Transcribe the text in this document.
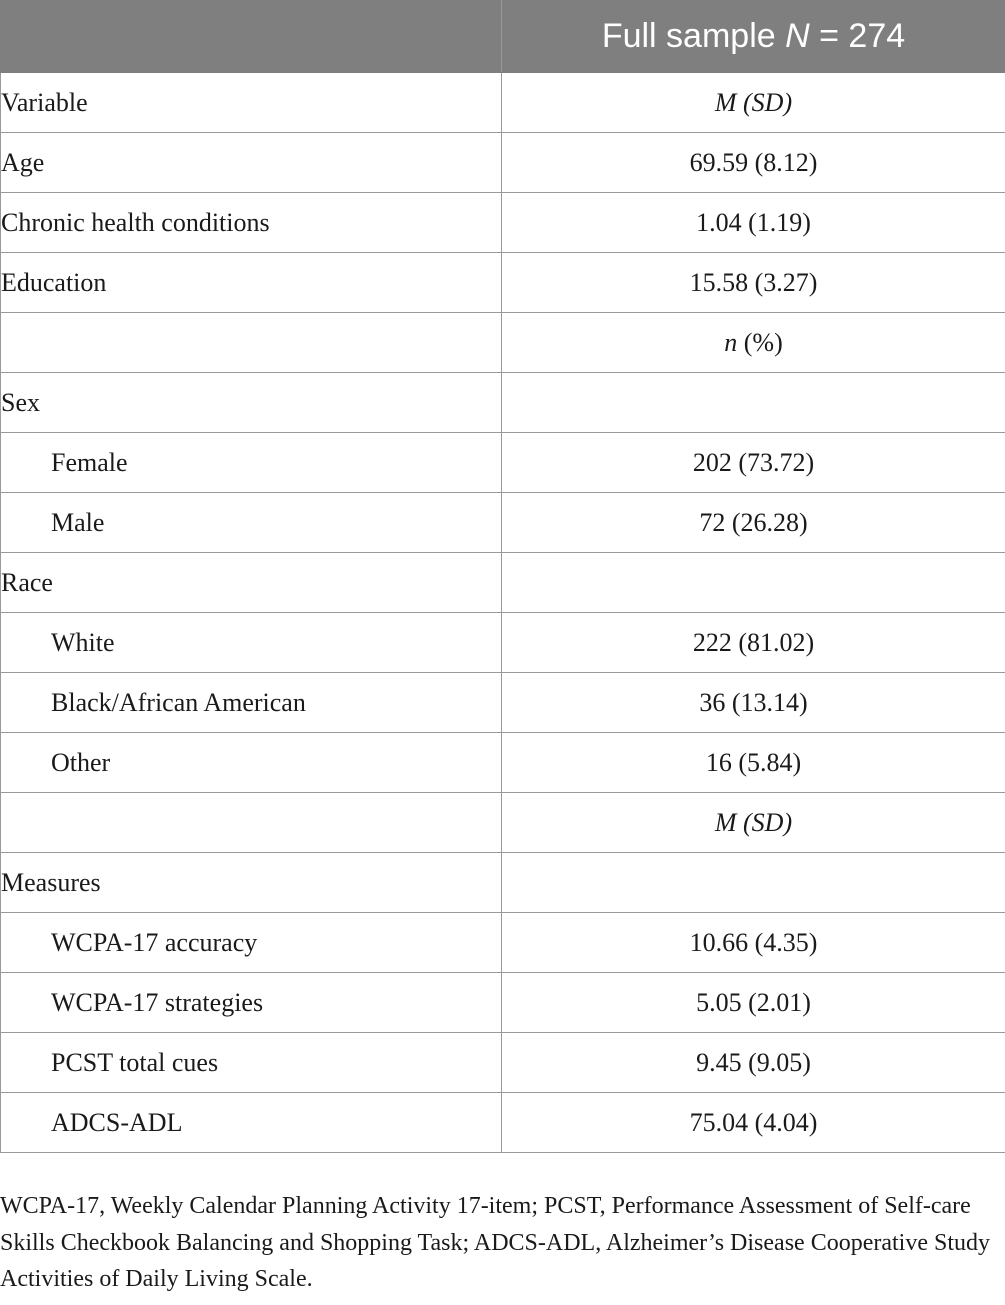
	Full sample N = 274
Variable	M (SD)
Age	69.59 (8.12)
Chronic health conditions	1.04 (1.19)
Education	15.58 (3.27)
	n (%)
Sex	
Female	202 (73.72)
Male	72 (26.28)
Race	
White	222 (81.02)
Black/African American	36 (13.14)
Other	16 (5.84)
	M (SD)
Measures	
WCPA-17 accuracy	10.66 (4.35)
WCPA-17 strategies	5.05 (2.01)
PCST total cues	9.45 (9.05)
ADCS-ADL	75.04 (4.04)
WCPA-17, Weekly Calendar Planning Activity 17-item; PCST, Performance Assessment of Self-care Skills Checkbook Balancing and Shopping Task; ADCS-ADL, Alzheimer’s Disease Cooperative Study Activities of Daily Living Scale.
